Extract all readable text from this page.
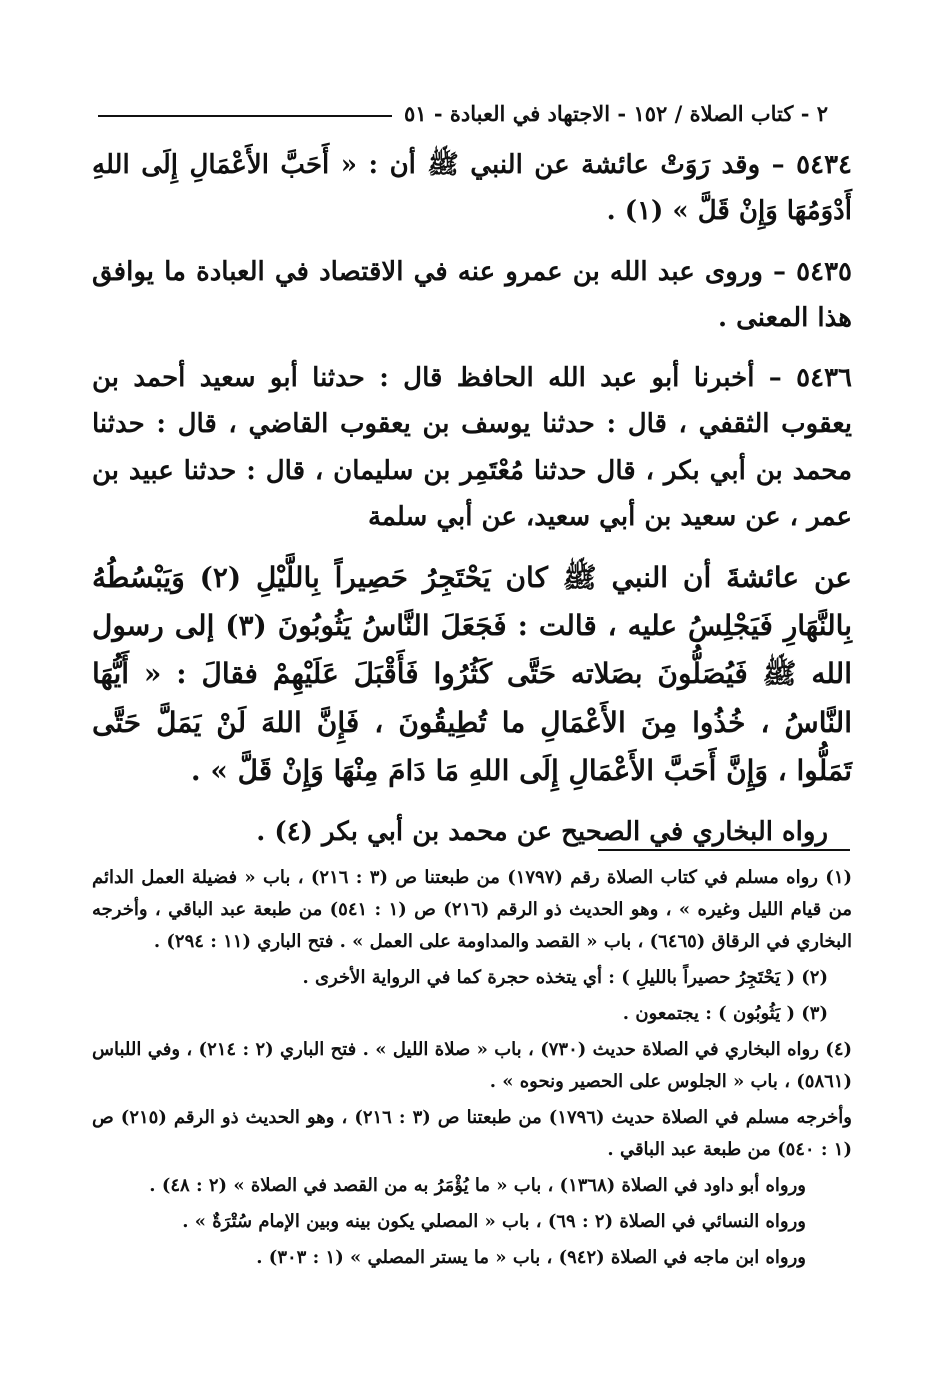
٢ - كتاب الصلاة / ١٥٢ - الاجتهاد في العبادة - ٥١

٥٤٣٤ – وقد رَوَتْ عائشة عن النبي ﷺ أن : « أَحَبَّ الأَعْمَالِ إِلَى اللهِ أَدْوَمُهَا وَإِنْ قَلَّ » (١) .

٥٤٣٥ – وروى عبد الله بن عمرو عنه في الاقتصاد في العبادة ما يوافق هذا المعنى .

٥٤٣٦ – أخبرنا أبو عبد الله الحافظ قال : حدثنا أبو سعيد أحمد بن يعقوب الثقفي ، قال : حدثنا يوسف بن يعقوب القاضي ، قال : حدثنا محمد بن أبي بكر ، قال حدثنا مُعْتَمِر بن سليمان ، قال : حدثنا عبيد بن عمر ، عن سعيد بن أبي سعيد، عن أبي سلمة

عن عائشةَ أن النبي ﷺ كان يَحْتَجِرُ حَصِيراً بِاللَّيْلِ (٢) وَيَبْسُطُهُ بِالنَّهَارِ فَيَجْلِسُ عليه ، قالت : فَجَعَلَ النَّاسُ يَثُوبُونَ (٣) إلى رسول الله ﷺ فَيُصَلُّونَ بصَلاته حَتَّى كَثُرُوا فَأَقْبَلَ عَلَيْهِمْ فقالَ : « أَيُّهَا النَّاسُ ، خُذُوا مِنَ الأَعْمَالِ ما تُطِيقُونَ ، فَإِنَّ اللهَ لَنْ يَمَلَّ حَتَّى تَمَلُّوا ، وَإِنَّ أَحَبَّ الأَعْمَالِ إِلَى اللهِ مَا دَامَ مِنْهَا وَإِنْ قَلَّ » .

رواه البخاري في الصحيح عن محمد بن أبي بكر (٤) .

(١) رواه مسلم في كتاب الصلاة رقم (١٧٩٧) من طبعتنا ص (٣ : ٢١٦) ، باب « فضيلة العمل الدائم من قيام الليل وغيره » ، وهو الحديث ذو الرقم (٢١٦) ص (١ : ٥٤١) من طبعة عبد الباقي ، وأخرجه البخاري في الرقاق (٦٤٦٥) ، باب « القصد والمداومة على العمل » . فتح الباري (١١ : ٢٩٤) .

(٢) ( يَحْتَجِرُ حصيراً بالليلِ ) : أي يتخذه حجرة كما في الرواية الأخرى .

(٣) ( يَثُوبُون ) : يجتمعون .

(٤) رواه البخاري في الصلاة حديث (٧٣٠) ، باب « صلاة الليل » . فتح الباري (٢ : ٢١٤) ، وفي اللباس (٥٨٦١) ، باب « الجلوس على الحصير ونحوه » .

وأخرجه مسلم في الصلاة حديث (١٧٩٦) من طبعتنا ص (٣ : ٢١٦) ، وهو الحديث ذو الرقم (٢١٥) ص (١ : ٥٤٠) من طبعة عبد الباقي .

ورواه أبو داود في الصلاة (١٣٦٨) ، باب « ما يُؤْمَرُ به من القصد في الصلاة » (٢ : ٤٨) .

ورواه النسائي في الصلاة (٢ : ٦٩) ، باب « المصلي يكون بينه وبين الإمام سُتْرَةٌ » .

ورواه ابن ماجه في الصلاة (٩٤٢) ، باب « ما يستر المصلي » (١ : ٣٠٣) .
